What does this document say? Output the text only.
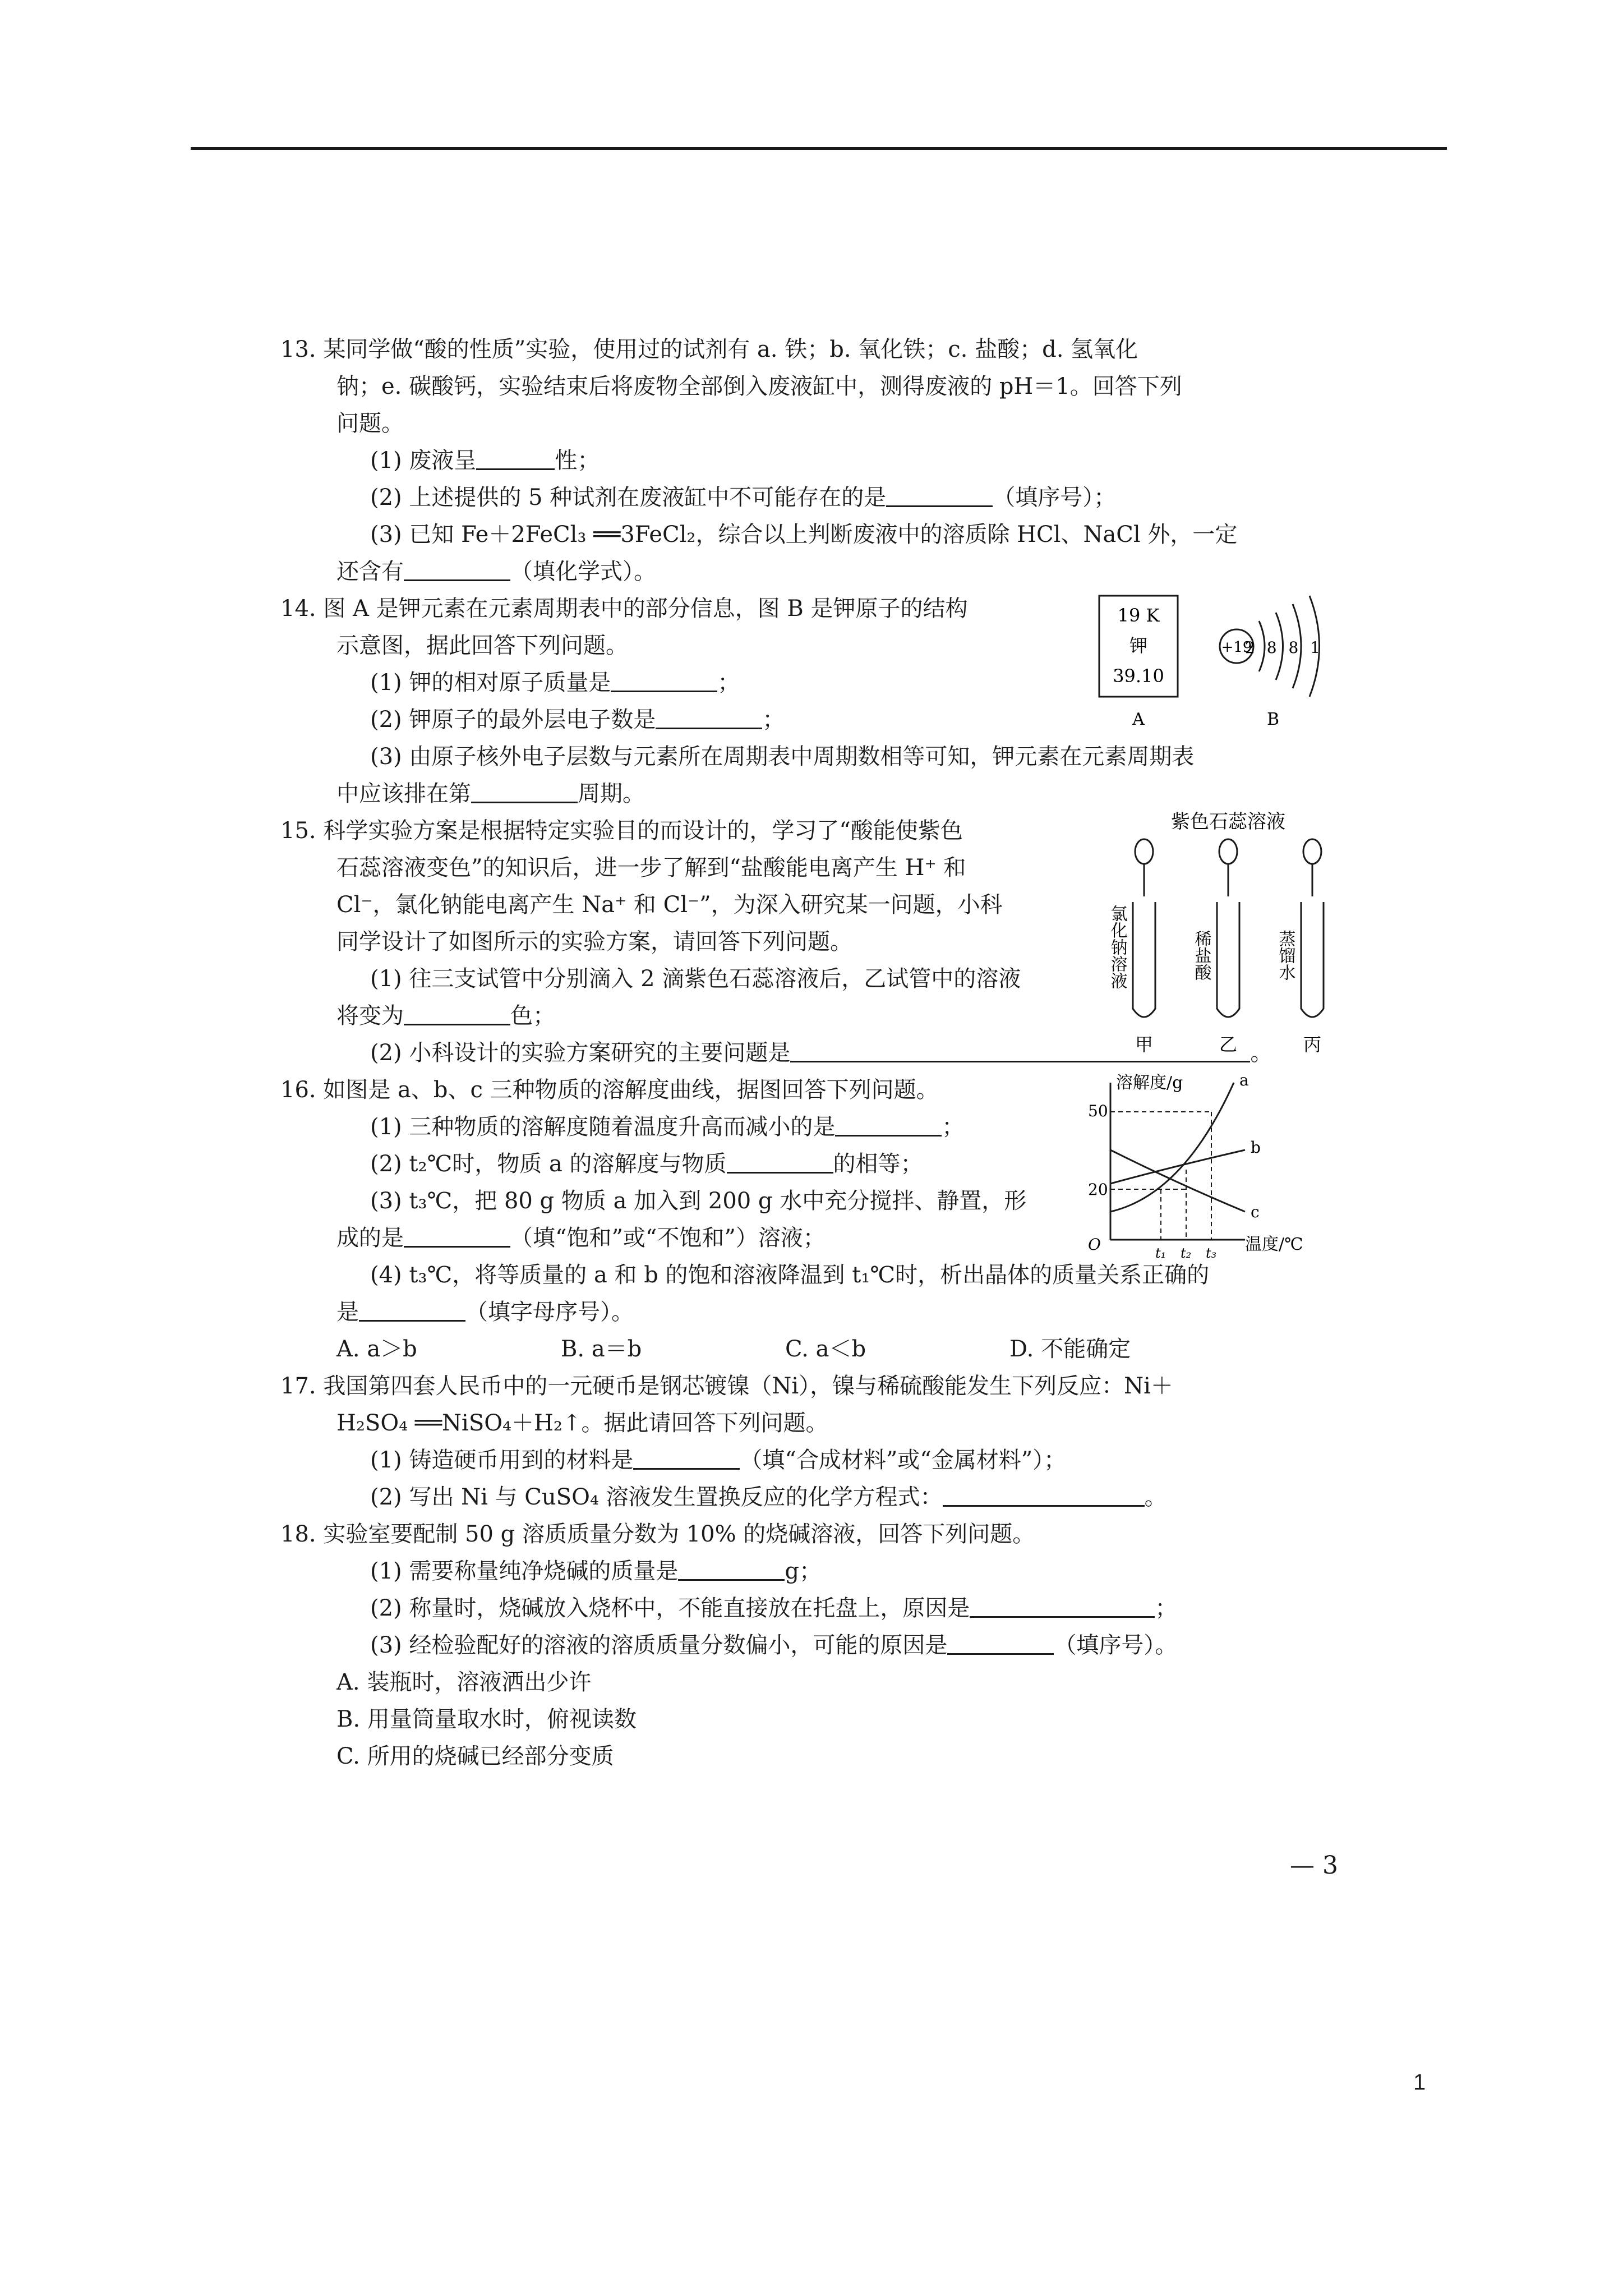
13. 某同学做“酸的性质”实验，使用过的试剂有 a. 铁；b. 氧化铁；c. 盐酸；d. 氢氧化
钠；e. 碳酸钙，实验结束后将废物全部倒入废液缸中，测得废液的 pH＝1。回答下列
问题。
(1) 废液呈	性；
(2) 上述提供的 5 种试剂在废液缸中不可能存在的是	（填序号）；
(3) 已知 Fe＋2FeCl₃ ══3FeCl₂，综合以上判断废液中的溶质除 HCl、NaCl 外，一定
还含有	（填化学式）。
14. 图 A 是钾元素在元素周期表中的部分信息，图 B 是钾原子的结构
示意图，据此回答下列问题。
(1) 钾的相对原子质量是	；
(2) 钾原子的最外层电子数是	；
(3) 由原子核外电子层数与元素所在周期表中周期数相等可知，钾元素在元素周期表
中应该排在第	周期。
19 K
钾
39.10
A
+19
2 8 8 1
B
15. 科学实验方案是根据特定实验目的而设计的，学习了“酸能使紫色
石蕊溶液变色”的知识后，进一步了解到“盐酸能电离产生 H⁺ 和
Cl⁻，氯化钠能电离产生 Na⁺ 和 Cl⁻”，为深入研究某一问题，小科
同学设计了如图所示的实验方案，请回答下列问题。
(1) 往三支试管中分别滴入 2 滴紫色石蕊溶液后，乙试管中的溶液
将变为	色；
(2) 小科设计的实验方案研究的主要问题是	。
紫色石蕊溶液
氯化钠溶液	稀盐酸	蒸馏水
甲	乙	丙
16. 如图是 a、b、c 三种物质的溶解度曲线，据图回答下列问题。
(1) 三种物质的溶解度随着温度升高而减小的是	；
(2) t₂℃时，物质 a 的溶解度与物质	的相等；
(3) t₃℃，把 80 g 物质 a 加入到 200 g 水中充分搅拌、静置，形
成的是	（填“饱和”或“不饱和”）溶液；
(4) t₃℃，将等质量的 a 和 b 的饱和溶液降温到 t₁℃时，析出晶体的质量关系正确的
是	（填字母序号）。
A. a＞b	B. a＝b	C. a＜b	D. 不能确定
溶解度/g
温度/℃
50
20
O
a
b
c
t₁ t₂ t₃
17. 我国第四套人民币中的一元硬币是钢芯镀镍（Ni），镍与稀硫酸能发生下列反应：Ni＋
H₂SO₄ ══NiSO₄＋H₂↑。据此请回答下列问题。
(1) 铸造硬币用到的材料是	（填“合成材料”或“金属材料”）；
(2) 写出 Ni 与 CuSO₄ 溶液发生置换反应的化学方程式：	。
18. 实验室要配制 50 g 溶质质量分数为 10% 的烧碱溶液，回答下列问题。
(1) 需要称量纯净烧碱的质量是	g；
(2) 称量时，烧碱放入烧杯中，不能直接放在托盘上，原因是	；
(3) 经检验配好的溶液的溶质质量分数偏小，可能的原因是	（填序号）。
A. 装瓶时，溶液洒出少许
B. 用量筒量取水时，俯视读数
C. 所用的烧碱已经部分变质
— 3
1
